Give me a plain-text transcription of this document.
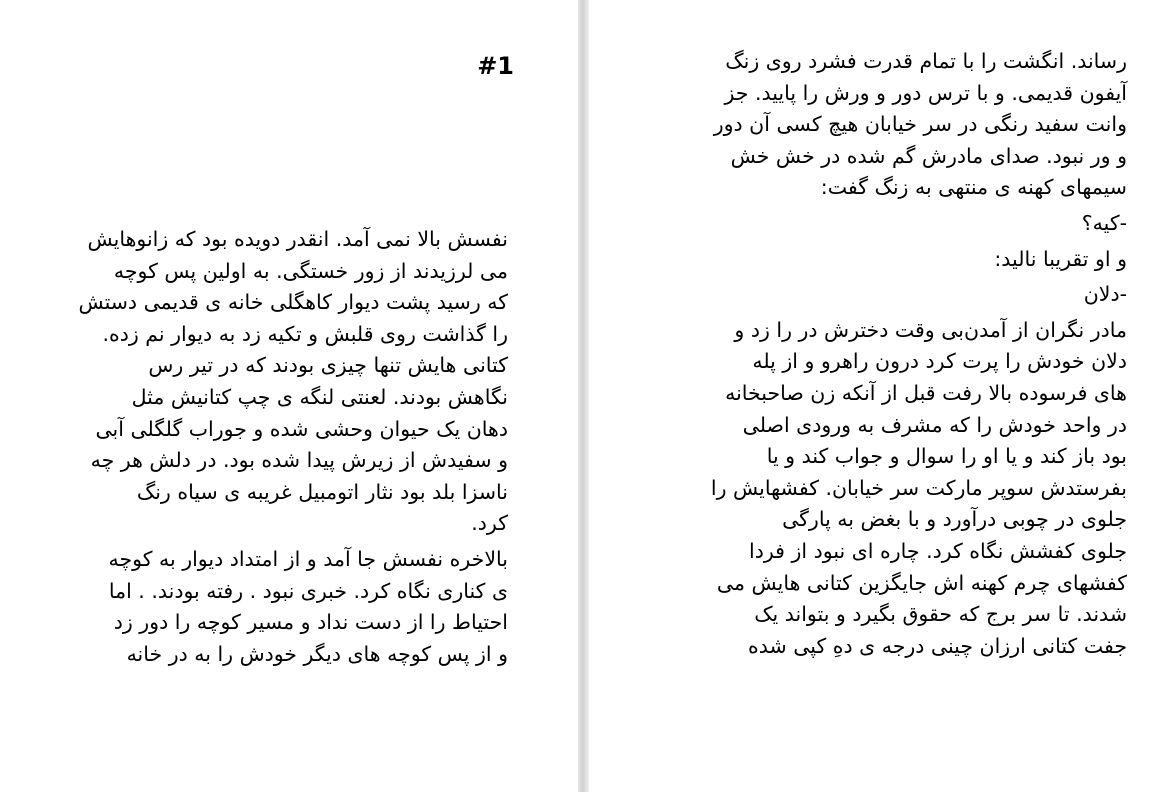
#1
نفسش بالا نمی آمد. انقدر دویده بود که زانوهایش
می لرزیدند از زور خستگی. به اولین پس کوچه
که رسید پشت دیوار کاهگلی خانه ی قدیمی دستش
را گذاشت روی قلبش و تکیه زد به دیوار نم زده.
کتانی هایش تنها چیزی بودند که در تیر رس
نگاهش بودند. لعنتی لنگه ی چپ کتانیش مثل
دهان یک حیوان وحشی شده و جوراب گلگلی آبی
و سفیدش از زیرش پیدا شده بود. در دلش هر چه
ناسزا بلد بود نثار اتومبیل غریبه ی سیاه رنگ
کرد.
بالاخره نفسش جا آمد و از امتداد دیوار به کوچه
ی کناری نگاه کرد. خبری نبود . رفته بودند. . اما
احتیاط را از دست نداد و مسیر کوچه را دور زد
و از پس کوچه های دیگر خودش را به در خانه
رساند. انگشت را با تمام قدرت فشرد روی زنگ
آیفون قدیمی. و با ترس دور و ورش را پایید. جز
وانت سفید رنگی در سر خیابان هیچ کسی آن دور
و ور نبود. صدای مادرش گم شده در خش خش
سیمهای کهنه ی منتهی به زنگ گفت:
-کیه؟
و او تقریبا نالید:
-دلان
مادر نگران از آمدن‌بی وقت دخترش در را زد و
دلان خودش را پرت کرد درون راهرو و از پله
های فرسوده بالا رفت قبل از آنکه زن صاحبخانه
در واحد خودش را که مشرف به ورودی اصلی
بود باز کند و یا او را سوال و جواب کند و یا
بفرستدش سوپر مارکت سر خیابان. کفشهایش را
جلوی در چوبی درآورد و با بغض به پارگی
جلوی کفشش نگاه کرد. چاره ای نبود از فردا
کفشهای چرم کهنه اش جایگزین کتانی هایش می
شدند. تا سر برج که حقوق بگیرد و بتواند یک
جفت کتانی ارزان چینی درجه ی دهِ کپی شده
